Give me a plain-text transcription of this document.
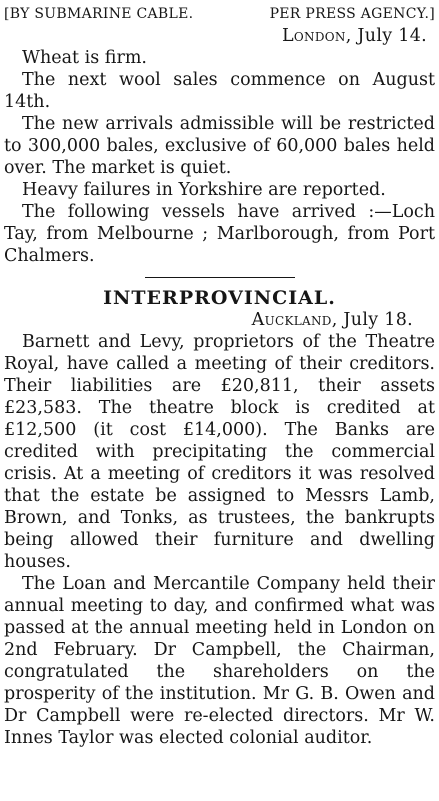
[BY SUBMARINE CABLE.	PER PRESS AGENCY.]
London, July 14.

Wheat is firm.

The next wool sales commence on August 14th.

The new arrivals admissible will be restricted to 300,000 bales, exclusive of 60,000 bales held over. The market is quiet.

Heavy failures in Yorkshire are reported.

The following vessels have arrived :—Loch Tay, from Melbourne ; Marlborough, from Port Chalmers.

INTERPROVINCIAL.
Auckland, July 18.

Barnett and Levy, proprietors of the Theatre Royal, have called a meeting of their creditors. Their liabilities are £20,811, their assets £23,583. The theatre block is credited at £12,500 (it cost £14,000). The Banks are credited with precipitating the commercial crisis. At a meeting of creditors it was resolved that the estate be assigned to Messrs Lamb, Brown, and Tonks, as trustees, the bankrupts being allowed their furniture and dwelling houses.

The Loan and Mercantile Company held their annual meeting to day, and confirmed what was passed at the annual meeting held in London on 2nd February. Dr Campbell, the Chairman, congratulated the shareholders on the prosperity of the institution. Mr G. B. Owen and Dr Campbell were re-elected directors. Mr W. Innes Taylor was elected colonial auditor.
